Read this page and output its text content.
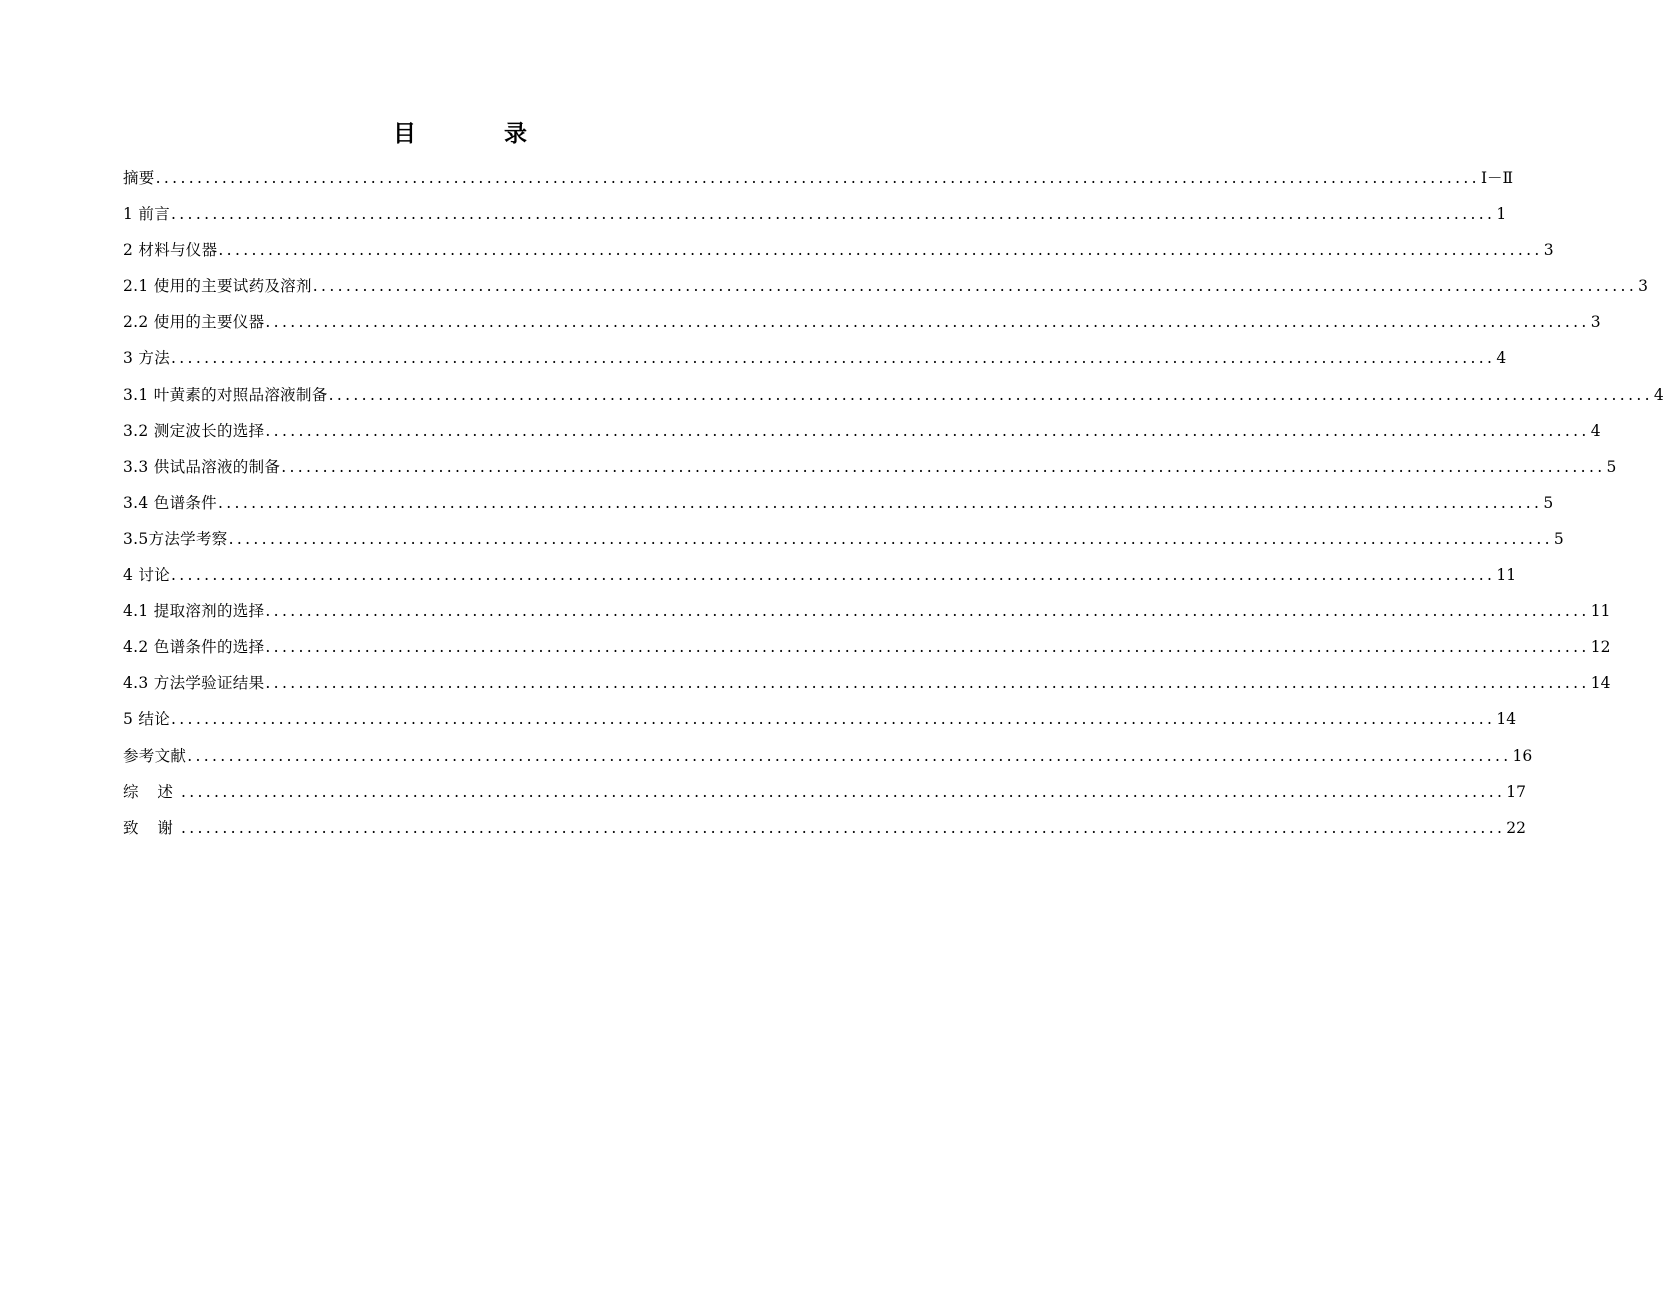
目 录
摘要 ................................................................................................................................................................ Ⅰ－Ⅱ
1 前言 ................................................................................................................................................................ 1
2 材料与仪器 ................................................................................................................................................................ 3
2.1 使用的主要试药及溶剂 ................................................................................................................................................................ 3
2.2 使用的主要仪器 ................................................................................................................................................................ 3
3 方法 ................................................................................................................................................................ 4
3.1 叶黄素的对照品溶液制备 ................................................................................................................................................................ 4
3.2 测定波长的选择 ................................................................................................................................................................ 4
3.3 供试品溶液的制备 ................................................................................................................................................................ 5
3.4 色谱条件 ................................................................................................................................................................ 5
3.5方法学考察 ................................................................................................................................................................ 5
4 讨论 ................................................................................................................................................................ 11
4.1 提取溶剂的选择 ................................................................................................................................................................ 11
4.2 色谱条件的选择 ................................................................................................................................................................ 12
4.3 方法学验证结果 ................................................................................................................................................................ 14
5 结论 ................................................................................................................................................................ 14
参考文献 ................................................................................................................................................................ 16
综 述 ................................................................................................................................................................ 17
致 谢 ................................................................................................................................................................ 22
